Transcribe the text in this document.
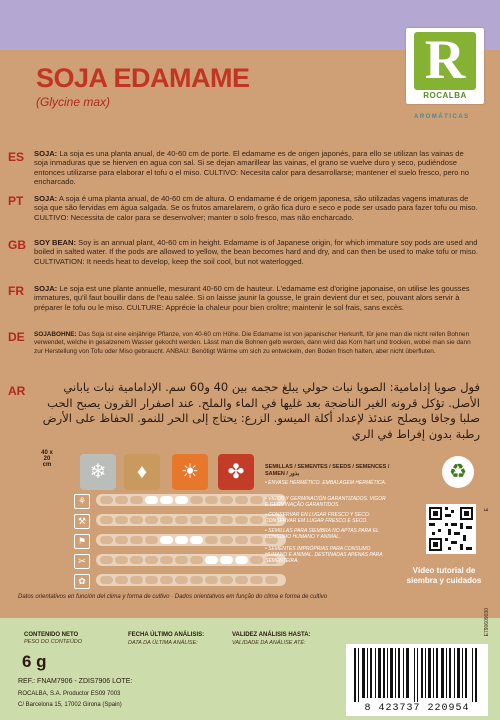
R
ROCALBA
AROMÁTICAS
SOJA EDAMAME
(Glycine max)
ES SOJA: La soja es una planta anual, de 40-60 cm de porte. El edamame es de origen japonés, para ello se utilizan las vainas de soja inmaduras que se hierven en agua con sal. Si se dejan amarillear las vainas, el grano se vuelve duro y seco, pudiéndose entonces utilizarse para elaborar el tofu o el miso. CULTIVO: Necesita calor para desarrollarse; mantener el suelo fresco, pero no encharcado.
PT SOJA: A soja é uma planta anual, de 40-60 cm de altura. O endamame é de origem japonesa, são utilizadas vagens imaturas de soja que são fervidas em água salgada. Se os frutos amarelarem, o grão fica duro e seco e pode ser usado para fazer tofu ou miso. CULTIVO: Necessita de calor para se desenvolver; manter o solo fresco, mas não encharcado.
GB SOY BEAN: Soy is an annual plant, 40-60 cm in height. Edamame is of Japanese origin, for which immature soy pods are used and boiled in salted water. If the pods are allowed to yellow, the bean becomes hard and dry, and can then be used to make tofu or miso. CULTIVATION: It needs heat to develop, keep the soil cool, but not waterlogged.
FR SOJA: Le soja est une plante annuelle, mesurant 40-60 cm de hauteur. L'edamame est d'origine japonaise, on utilise les gousses immatures, qu'il faut bouillir dans de l'eau salée. Si on laisse jaunir la gousse, le grain devient dur et sec, pouvant alors servir à préparer le tofu ou le miso. CULTURE: Apprécie la chaleur pour bien croître; maintenir le sol frais, sans excès.
DE SOJABOHNE: Das Soja ist eine einjährige Pflanze, von 40-60 cm Höhe. Die Edamame ist von japanischer Herkunft, für jene man die nicht reifen Bohnen verwendet, welche in gesalzenem Wasser gekocht werden. Lässt man die Bohnen gelb werden, dann wird das Korn hart und trocken, wobei man sie dann zur Herstellung von Tofu oder Miso gebraucht. ANBAU: Benötigt Wärme um sich zu entwickeln, den Boden frisch halten, aber nicht überfluten.
AR	فول صويا إدامامية: الصويا نبات حولي يبلغ حجمه بين 40 و60 سم. الإدامامية نبات ياباني الأصل. تؤكل قرونه الغير الناضجة بعد غليها في الماء والملح. عند اصفرار القرون يصبح الحب صلبا وجافا ويصلح عندئذ لإعداد أكلة الميسو. الزرع: يحتاج إلى الحر للنمو. الحفاظ على الأرض رطبة بدون إفراط في الري
40 x 20
cm	❄	♦	☀	✤
⚘
⚒
⚑
✂
✿
SEMILLAS / SEMENTES / SEEDS / SEMENCES / SAMEN / بذور
• ENVASE HERMÉTICO. EMBALAGEM HERMÉTICA.
• VIGOR Y GERMINACIÓN GARANTIZADOS. VIGOR E GERMINAÇÃO GARANTIDOS.
• CONSERVAR EN LUGAR FRESCO Y SECO. CONSERVAR EM LUGAR FRESCO E SECO.
• SEMILLAS PARA SIEMBRA NO APTAS PARA EL CONSUMO HUMANO Y ANIMAL.
• SEMENTES IMPRÓPRIAS PARA CONSUMO HUMANO E ANIMAL. DESTINADAS APENAS PARA SEMENTEIRA.
♻
Vídeo tutorial de siembra y cuidados
Datos orientativos en función del clima y forma de cultivo · Dados orientativos em função do clima e forma de cultivo
CONTENIDO NETO
PESO DO CONTEÚDO
6 g
FECHA ÚLTIMO ANÁLISIS:
DATA DA ÚLTIMA ANÁLISE:
VALIDEZ ANÁLISIS HASTA:
VALIDADE DA ANÁLISE ATÉ:
REF.: FNAM7906 - ZDIS7906 LOTE:
ROCALBA, S.A. Productor ES09 7003
C/ Barcelona 15, 17002 Girona (Spain)	8 423737 220954
E790609030
E
